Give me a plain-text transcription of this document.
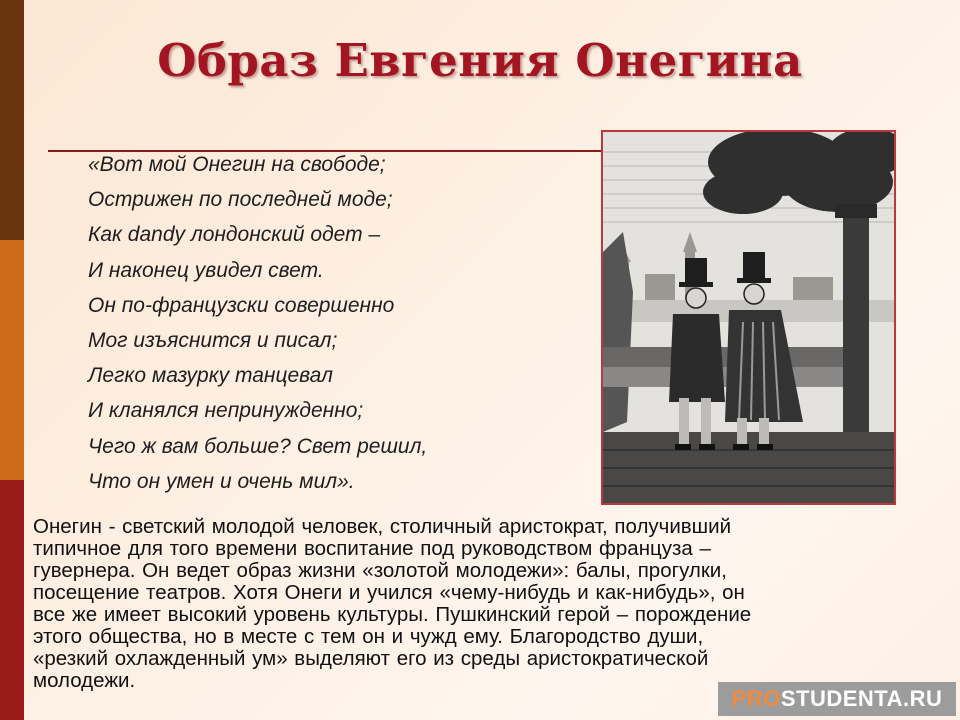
Образ Евгения Онегина
«Вот мой Онегин на свободе;
Острижен по последней моде;
Как dandy лондонский одет –
И наконец увидел свет.
Он по-французски совершенно
Мог изъяснится и писал;
Легко мазурку танцевал
И кланялся непринужденно;
Чего ж вам больше? Свет решил,
Что он умен и очень мил».
Онегин - светский молодой человек, столичный аристократ, получивший
типичное для того времени воспитание под руководством француза –
гувернера. Он ведет образ жизни «золотой молодежи»: балы, прогулки,
посещение театров. Хотя Онеги и учился «чему-нибудь и как-нибудь», он
все же имеет высокий уровень культуры. Пушкинский герой – порождение
этого общества, но в месте с тем он и чужд ему. Благородство души,
«резкий охлажденный ум» выделяют его из среды аристократической
молодежи.
PROSTUDENTA.RU
